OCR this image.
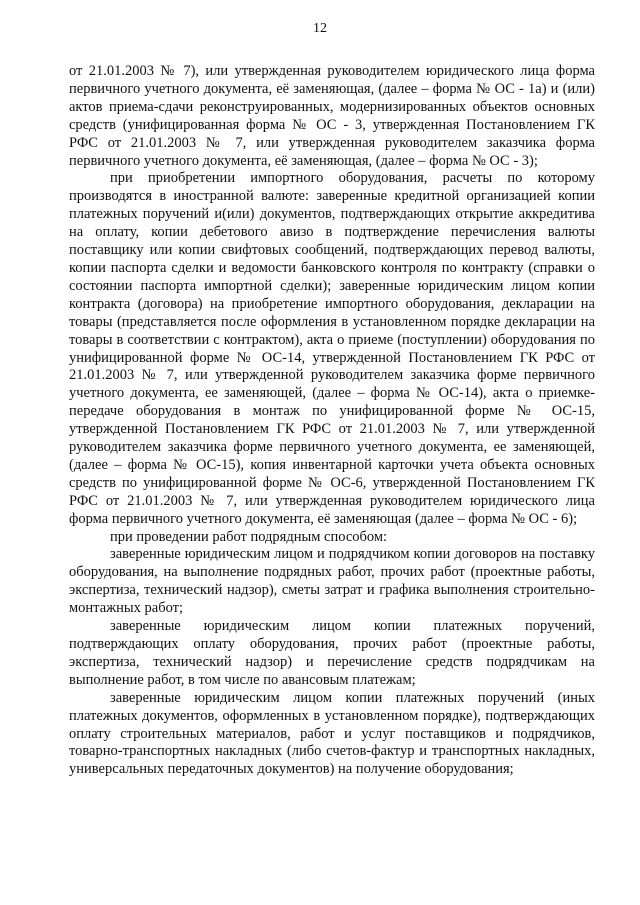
12

от 21.01.2003 № 7), или утвержденная руководителем юридического лица форма первичного учетного документа, её заменяющая, (далее – форма № ОС - 1а) и (или) актов приема-сдачи реконструированных, модернизированных объектов основных средств (унифицированная форма № ОС - 3, утвержденная Постановлением ГК РФС от 21.01.2003 № 7, или утвержденная руководителем заказчика форма первичного учетного документа, её заменяющая, (далее – форма № ОС - 3);

при приобретении импортного оборудования, расчеты по которому производятся в иностранной валюте: заверенные кредитной организацией копии платежных поручений и(или) документов, подтверждающих открытие аккредитива на оплату, копии дебетового авизо в подтверждение перечисления валюты поставщику или копии свифтовых сообщений, подтверждающих перевод валюты, копии паспорта сделки и ведомости банковского контроля по контракту (справки о состоянии паспорта импортной сделки); заверенные юридическим лицом копии контракта (договора) на приобретение импортного оборудования, декларации на товары (представляется после оформления в установленном порядке декларации на товары в соответствии с контрактом), акта о приеме (поступлении) оборудования по унифицированной форме № ОС-14, утвержденной Постановлением ГК РФС от 21.01.2003 № 7, или утвержденной руководителем заказчика форме первичного учетного документа, ее заменяющей, (далее – форма № ОС-14), акта о приемке-передаче оборудования в монтаж по унифицированной форме № ОС-15, утвержденной Постановлением ГК РФС от 21.01.2003 № 7, или утвержденной руководителем заказчика форме первичного учетного документа, ее заменяющей, (далее – форма № ОС-15), копия инвентарной карточки учета объекта основных средств по унифицированной форме № ОС-6, утвержденной Постановлением ГК РФС от 21.01.2003 № 7, или утвержденная руководителем юридического лица форма первичного учетного документа, её заменяющая (далее – форма № ОС - 6);

при проведении работ подрядным способом:

заверенные юридическим лицом и подрядчиком копии договоров на поставку оборудования, на выполнение подрядных работ, прочих работ (проектные работы, экспертиза, технический надзор), сметы затрат и графика выполнения строительно-монтажных работ;

заверенные юридическим лицом копии платежных поручений, подтверждающих оплату оборудования, прочих работ (проектные работы, экспертиза, технический надзор) и перечисление средств подрядчикам на выполнение работ, в том числе по авансовым платежам;

заверенные юридическим лицом копии платежных поручений (иных платежных документов, оформленных в установленном порядке), подтверждающих оплату строительных материалов, работ и услуг поставщиков и подрядчиков, товарно-транспортных накладных (либо счетов-фактур и транспортных накладных, универсальных передаточных документов) на получение оборудования;
